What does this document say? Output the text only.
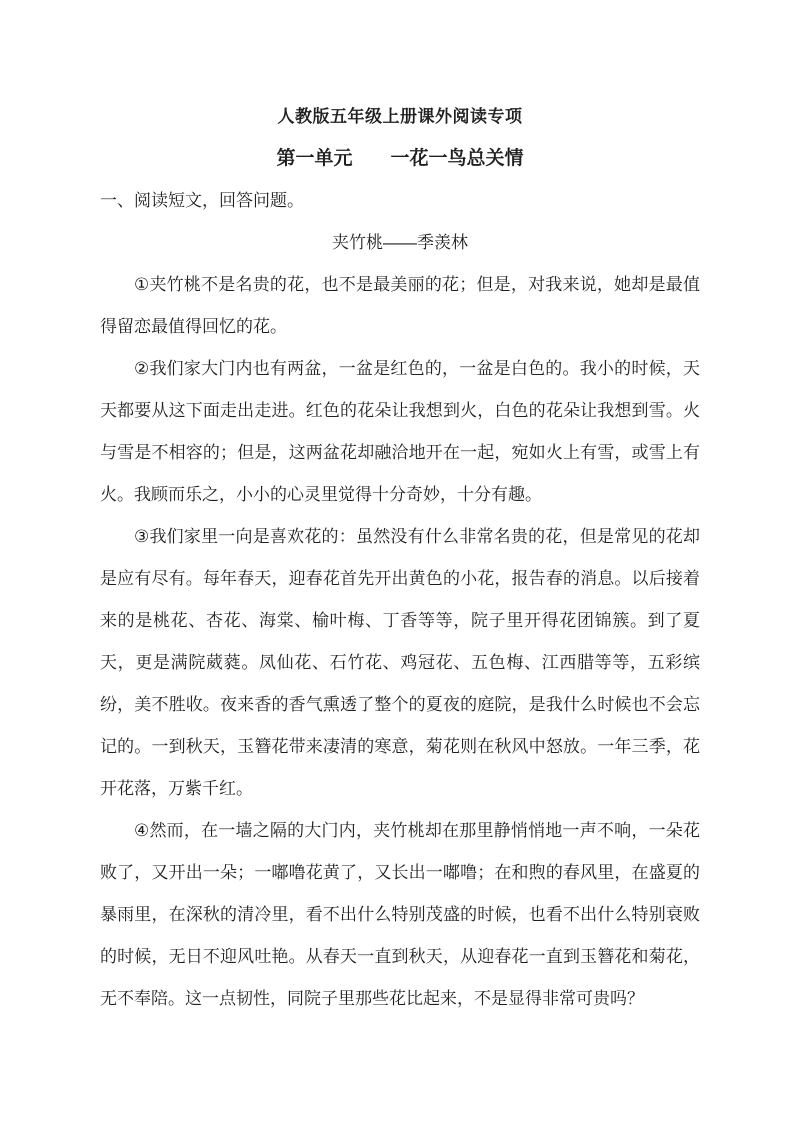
人教版五年级上册课外阅读专项
第一单元　　一花一鸟总关情
一、阅读短文，回答问题。
夹竹桃——季羡林

①夹竹桃不是名贵的花，也不是最美丽的花；但是，对我来说，她却是最值得留恋最值得回忆的花。

②我们家大门内也有两盆，一盆是红色的，一盆是白色的。我小的时候，天天都要从这下面走出走进。红色的花朵让我想到火，白色的花朵让我想到雪。火与雪是不相容的；但是，这两盆花却融洽地开在一起，宛如火上有雪，或雪上有火。我顾而乐之，小小的心灵里觉得十分奇妙，十分有趣。

③我们家里一向是喜欢花的：虽然没有什么非常名贵的花，但是常见的花却是应有尽有。每年春天，迎春花首先开出黄色的小花，报告春的消息。以后接着来的是桃花、杏花、海棠、榆叶梅、丁香等等，院子里开得花团锦簇。到了夏天，更是满院葳蕤。凤仙花、石竹花、鸡冠花、五色梅、江西腊等等，五彩缤纷，美不胜收。夜来香的香气熏透了整个的夏夜的庭院，是我什么时候也不会忘记的。一到秋天，玉簪花带来凄清的寒意，菊花则在秋风中怒放。一年三季，花开花落，万紫千红。

④然而，在一墙之隔的大门内，夹竹桃却在那里静悄悄地一声不响，一朵花败了，又开出一朵；一嘟噜花黄了，又长出一嘟噜；在和煦的春风里，在盛夏的暴雨里，在深秋的清冷里，看不出什么特别茂盛的时候，也看不出什么特别衰败的时候，无日不迎风吐艳。从春天一直到秋天，从迎春花一直到玉簪花和菊花，无不奉陪。这一点韧性，同院子里那些花比起来，不是显得非常可贵吗？
